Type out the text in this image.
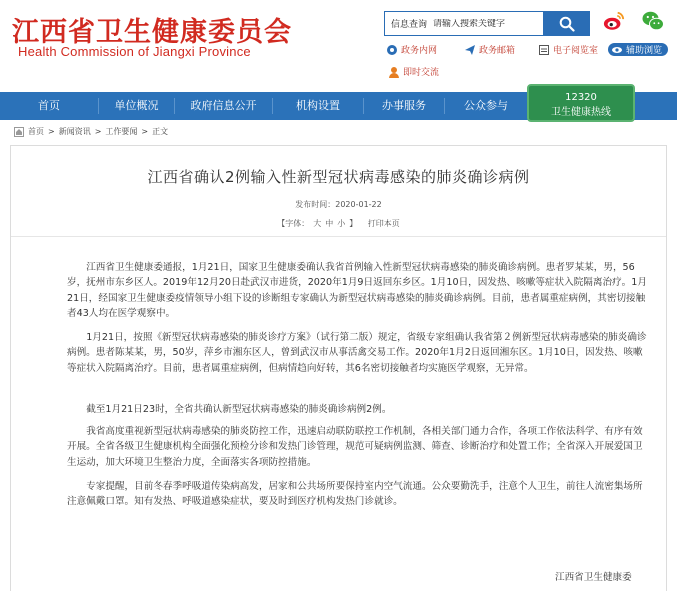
江西省卫生健康委员会
Health Commission of Jiangxi Province
信息查询
请输入搜索关键字
政务内网	政务邮箱	电子阅览室	辅助浏览
即时交流
首页	单位概况	政府信息公开	机构设置	办事服务	公众参与
12320
卫生健康热线
首页 > 新闻资讯 > 工作要闻 > 正文
江西省确认2例输入性新型冠状病毒感染的肺炎确诊病例
发布时间：2020-01-22
【字体： 大 中 小 】 打印本页
江西省卫生健康委通报，1月21日，国家卫生健康委确认我省首例输入性新型冠状病毒感染的肺炎确诊病例。患者罗某某，男，56岁，抚州市东乡区人。2019年12月20日赴武汉市进货，2020年1月9日返回东乡区。1月10日，因发热、咳嗽等症状入院隔离治疗。1月21日，经国家卫生健康委疫情领导小组下设的诊断组专家确认为新型冠状病毒感染的肺炎确诊病例。目前，患者属重症病例，其密切接触者43人均在医学观察中。
1月21日，按照《新型冠状病毒感染的肺炎诊疗方案》（试行第二版）规定，省级专家组确认我省第２例新型冠状病毒感染的肺炎确诊病例。患者陈某某，男，50岁，萍乡市湘东区人，曾到武汉市从事活禽交易工作。2020年1月2日返回湘东区。1月10日，因发热、咳嗽等症状入院隔离治疗。目前，患者属重症病例，但病情趋向好转，其6名密切接触者均实施医学观察，无异常。
截至1月21日23时，全省共确认新型冠状病毒感染的肺炎确诊病例2例。
我省高度重视新型冠状病毒感染的肺炎防控工作，迅速启动联防联控工作机制，各相关部门通力合作，各项工作依法科学、有序有效开展。全省各级卫生健康机构全面强化预检分诊和发热门诊管理，规范可疑病例监测、筛查、诊断治疗和处置工作；全省深入开展爱国卫生运动，加大环境卫生整治力度，全面落实各项防控措施。
专家提醒，目前冬春季呼吸道传染病高发，居家和公共场所要保持室内空气流通。公众要勤洗手，注意个人卫生，前往人流密集场所注意佩戴口罩。知有发热、呼吸道感染症状，要及时到医疗机构发热门诊就诊。
江西省卫生健康委
